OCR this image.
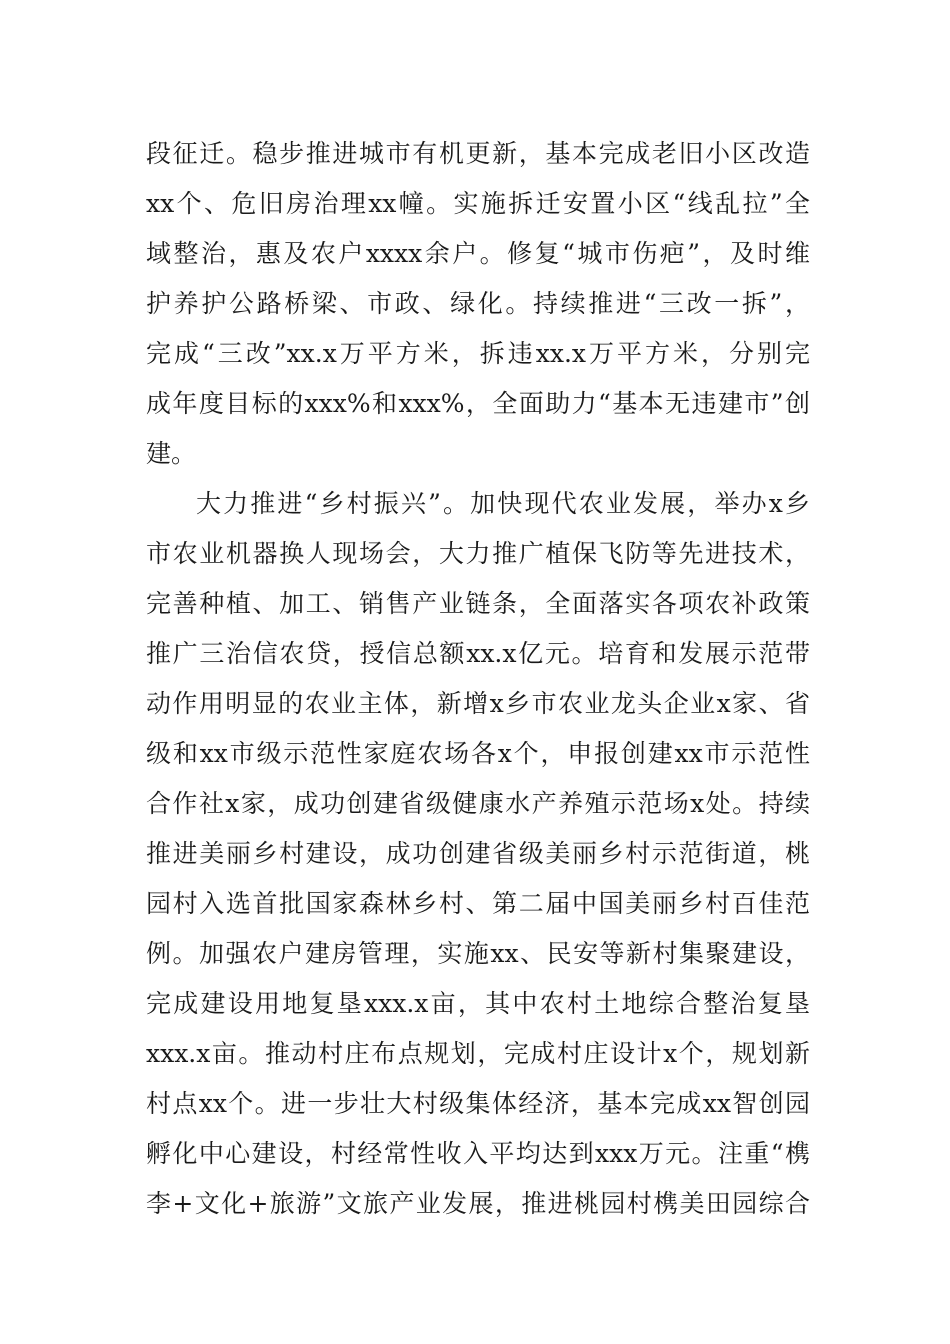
段征迁。稳步推进城市有机更新，基本完成老旧小区改造
xx个、危旧房治理xx幢。实施拆迁安置小区“线乱拉”全
域整治，惠及农户xxxx余户。修复“城市伤疤”，及时维
护养护公路桥梁、市政、绿化。持续推进“三改一拆”，
完成“三改”xx.x万平方米，拆违xx.x万平方米，分别完
成年度目标的xxx%和xxx%，全面助力“基本无违建市”创
建。
大力推进“乡村振兴”。加快现代农业发展，举办x乡
市农业机器换人现场会，大力推广植保飞防等先进技术，
完善种植、加工、销售产业链条，全面落实各项农补政策
推广三治信农贷，授信总额xx.x亿元。培育和发展示范带
动作用明显的农业主体，新增x乡市农业龙头企业x家、省
级和xx市级示范性家庭农场各x个，申报创建xx市示范性
合作社x家，成功创建省级健康水产养殖示范场x处。持续
推进美丽乡村建设，成功创建省级美丽乡村示范街道，桃
园村入选首批国家森林乡村、第二届中国美丽乡村百佳范
例。加强农户建房管理，实施xx、民安等新村集聚建设，
完成建设用地复垦xxx.x亩，其中农村土地综合整治复垦
xxx.x亩。推动村庄布点规划，完成村庄设计x个，规划新
村点xx个。进一步壮大村级集体经济，基本完成xx智创园
孵化中心建设，村经常性收入平均达到xxx万元。注重“槜
李+文化+旅游”文旅产业发展，推进桃园村槜美田园综合
